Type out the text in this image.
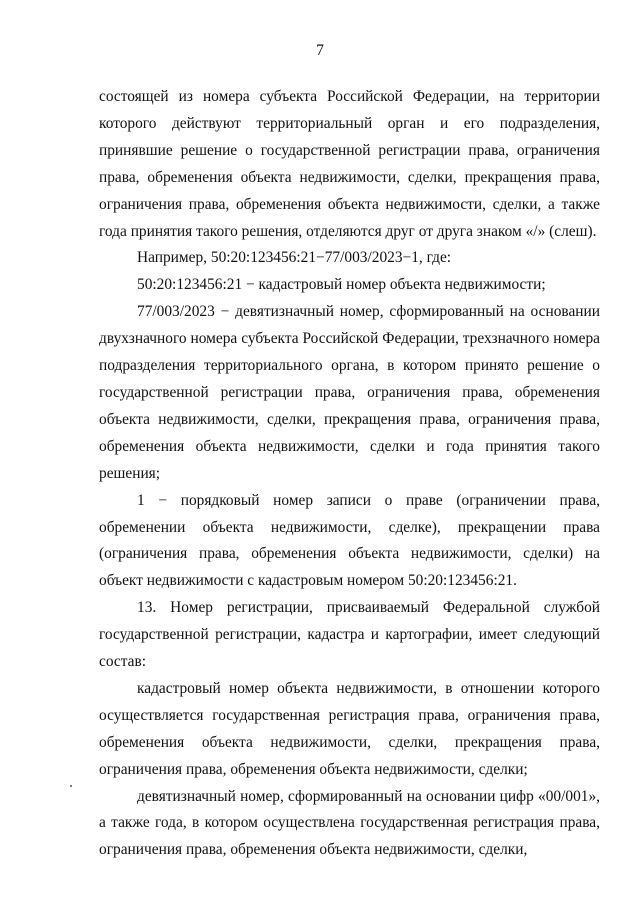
7

состоящей из номера субъекта Российской Федерации, на территории которого действуют территориальный орган и его подразделения, принявшие решение о государственной регистрации права, ограничения права, обременения объекта недвижимости, сделки, прекращения права, ограничения права, обременения объекта недвижимости, сделки, а также года принятия такого решения, отделяются друг от друга знаком «/» (слеш).

Например, 50:20:123456:21−77/003/2023−1, где:

50:20:123456:21 − кадастровый номер объекта недвижимости;

77/003/2023 − девятизначный номер, сформированный на основании двухзначного номера субъекта Российской Федерации, трехзначного номера подразделения территориального органа, в котором принято решение о государственной регистрации права, ограничения права, обременения объекта недвижимости, сделки, прекращения права, ограничения права, обременения объекта недвижимости, сделки и года принятия такого решения;

1 − порядковый номер записи о праве (ограничении права, обременении объекта недвижимости, сделке), прекращении права (ограничения права, обременения объекта недвижимости, сделки) на объект недвижимости с кадастровым номером 50:20:123456:21.

13. Номер регистрации, присваиваемый Федеральной службой государственной регистрации, кадастра и картографии, имеет следующий состав:

кадастровый номер объекта недвижимости, в отношении которого осуществляется государственная регистрация права, ограничения права, обременения объекта недвижимости, сделки, прекращения права, ограничения права, обременения объекта недвижимости, сделки;

девятизначный номер, сформированный на основании цифр «00/001», а также года, в котором осуществлена государственная регистрация права, ограничения права, обременения объекта недвижимости, сделки,
